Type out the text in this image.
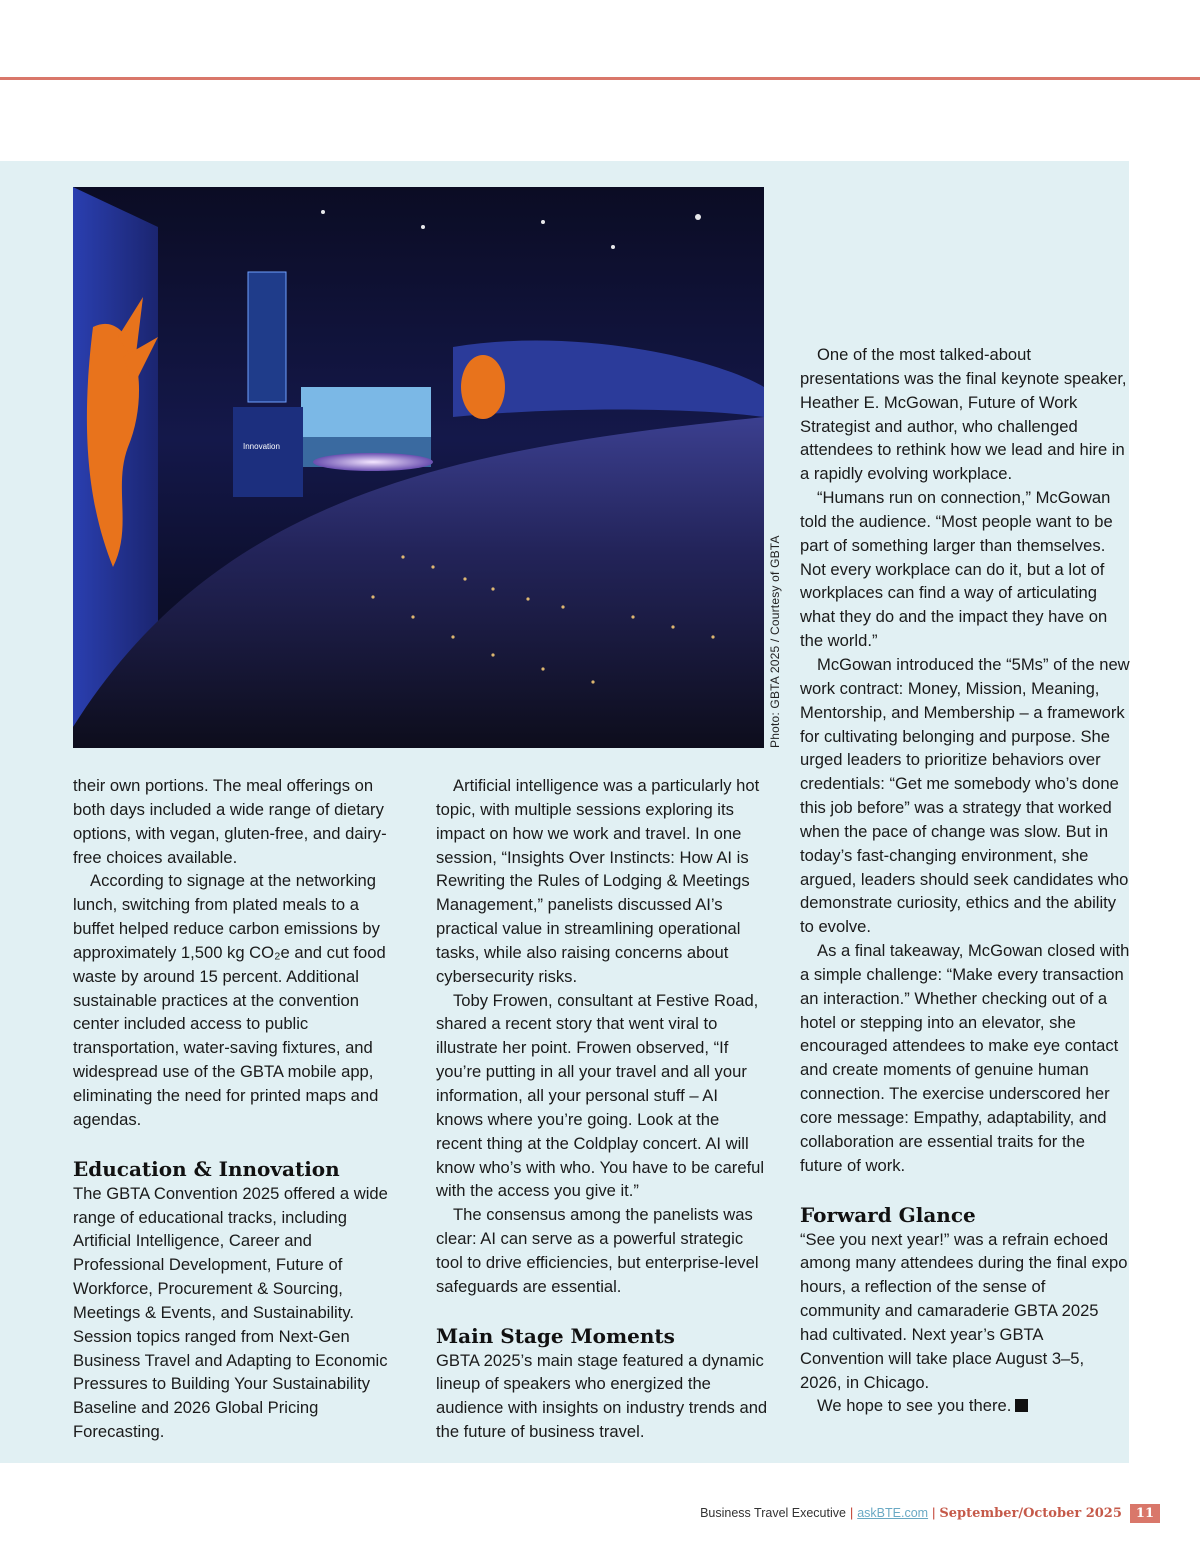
Innovation
Photo: GBTA 2025 / Courtesy of GBTA

their own portions. The meal offerings on both days included a wide range of dietary options, with vegan, gluten-free, and dairy-free choices available.

According to signage at the networking lunch, switching from plated meals to a buffet helped reduce carbon emissions by approximately 1,500 kg CO₂e and cut food waste by around 15 percent. Additional sustainable practices at the convention center included access to public transportation, water-saving fixtures, and widespread use of the GBTA mobile app, eliminating the need for printed maps and agendas.

Education & Innovation

The GBTA Convention 2025 offered a wide range of educational tracks, including Artificial Intelligence, Career and Professional Development, Future of Workforce, Procurement & Sourcing, Meetings & Events, and Sustainability. Session topics ranged from Next-Gen Business Travel and Adapting to Economic Pressures to Building Your Sustainability Baseline and 2026 Global Pricing Forecasting.

Artificial intelligence was a particularly hot topic, with multiple sessions exploring its impact on how we work and travel. In one session, “Insights Over Instincts: How AI is Rewriting the Rules of Lodging & Meetings Management,” panelists discussed AI’s practical value in streamlining operational tasks, while also raising concerns about cybersecurity risks.

Toby Frowen, consultant at Festive Road, shared a recent story that went viral to illustrate her point. Frowen observed, “If you’re putting in all your travel and all your information, all your personal stuff – AI knows where you’re going. Look at the recent thing at the Coldplay concert. AI will know who’s with who. You have to be careful with the access you give it.”

The consensus among the panelists was clear: AI can serve as a powerful strategic tool to drive efficiencies, but enterprise-level safeguards are essential.

Main Stage Moments

GBTA 2025’s main stage featured a dynamic lineup of speakers who energized the audience with insights on industry trends and the future of business travel.

One of the most talked-about presentations was the final keynote speaker, Heather E. McGowan, Future of Work Strategist and author, who challenged attendees to rethink how we lead and hire in a rapidly evolving workplace.

“Humans run on connection,” McGowan told the audience. “Most people want to be part of something larger than themselves. Not every workplace can do it, but a lot of workplaces can find a way of articulating what they do and the impact they have on the world.”

McGowan introduced the “5Ms” of the new work contract: Money, Mission, Meaning, Mentorship, and Membership – a framework for cultivating belonging and purpose. She urged leaders to prioritize behaviors over credentials: “Get me somebody who’s done this job before” was a strategy that worked when the pace of change was slow. But in today’s fast-changing environment, she argued, leaders should seek candidates who demonstrate curiosity, ethics and the ability to evolve.

As a final takeaway, McGowan closed with a simple challenge: “Make every transaction an interaction.” Whether checking out of a hotel or stepping into an elevator, she encouraged attendees to make eye contact and create moments of genuine human connection. The exercise underscored her core message: Empathy, adaptability, and collaboration are essential traits for the future of work.

Forward Glance

“See you next year!” was a refrain echoed among many attendees during the final expo hours, a reflection of the sense of community and camaraderie GBTA 2025 had cultivated. Next year’s GBTA Convention will take place August 3–5, 2026, in Chicago.

We hope to see you there.

Business Travel Executive | askBTE.com | September/October 2025	11
